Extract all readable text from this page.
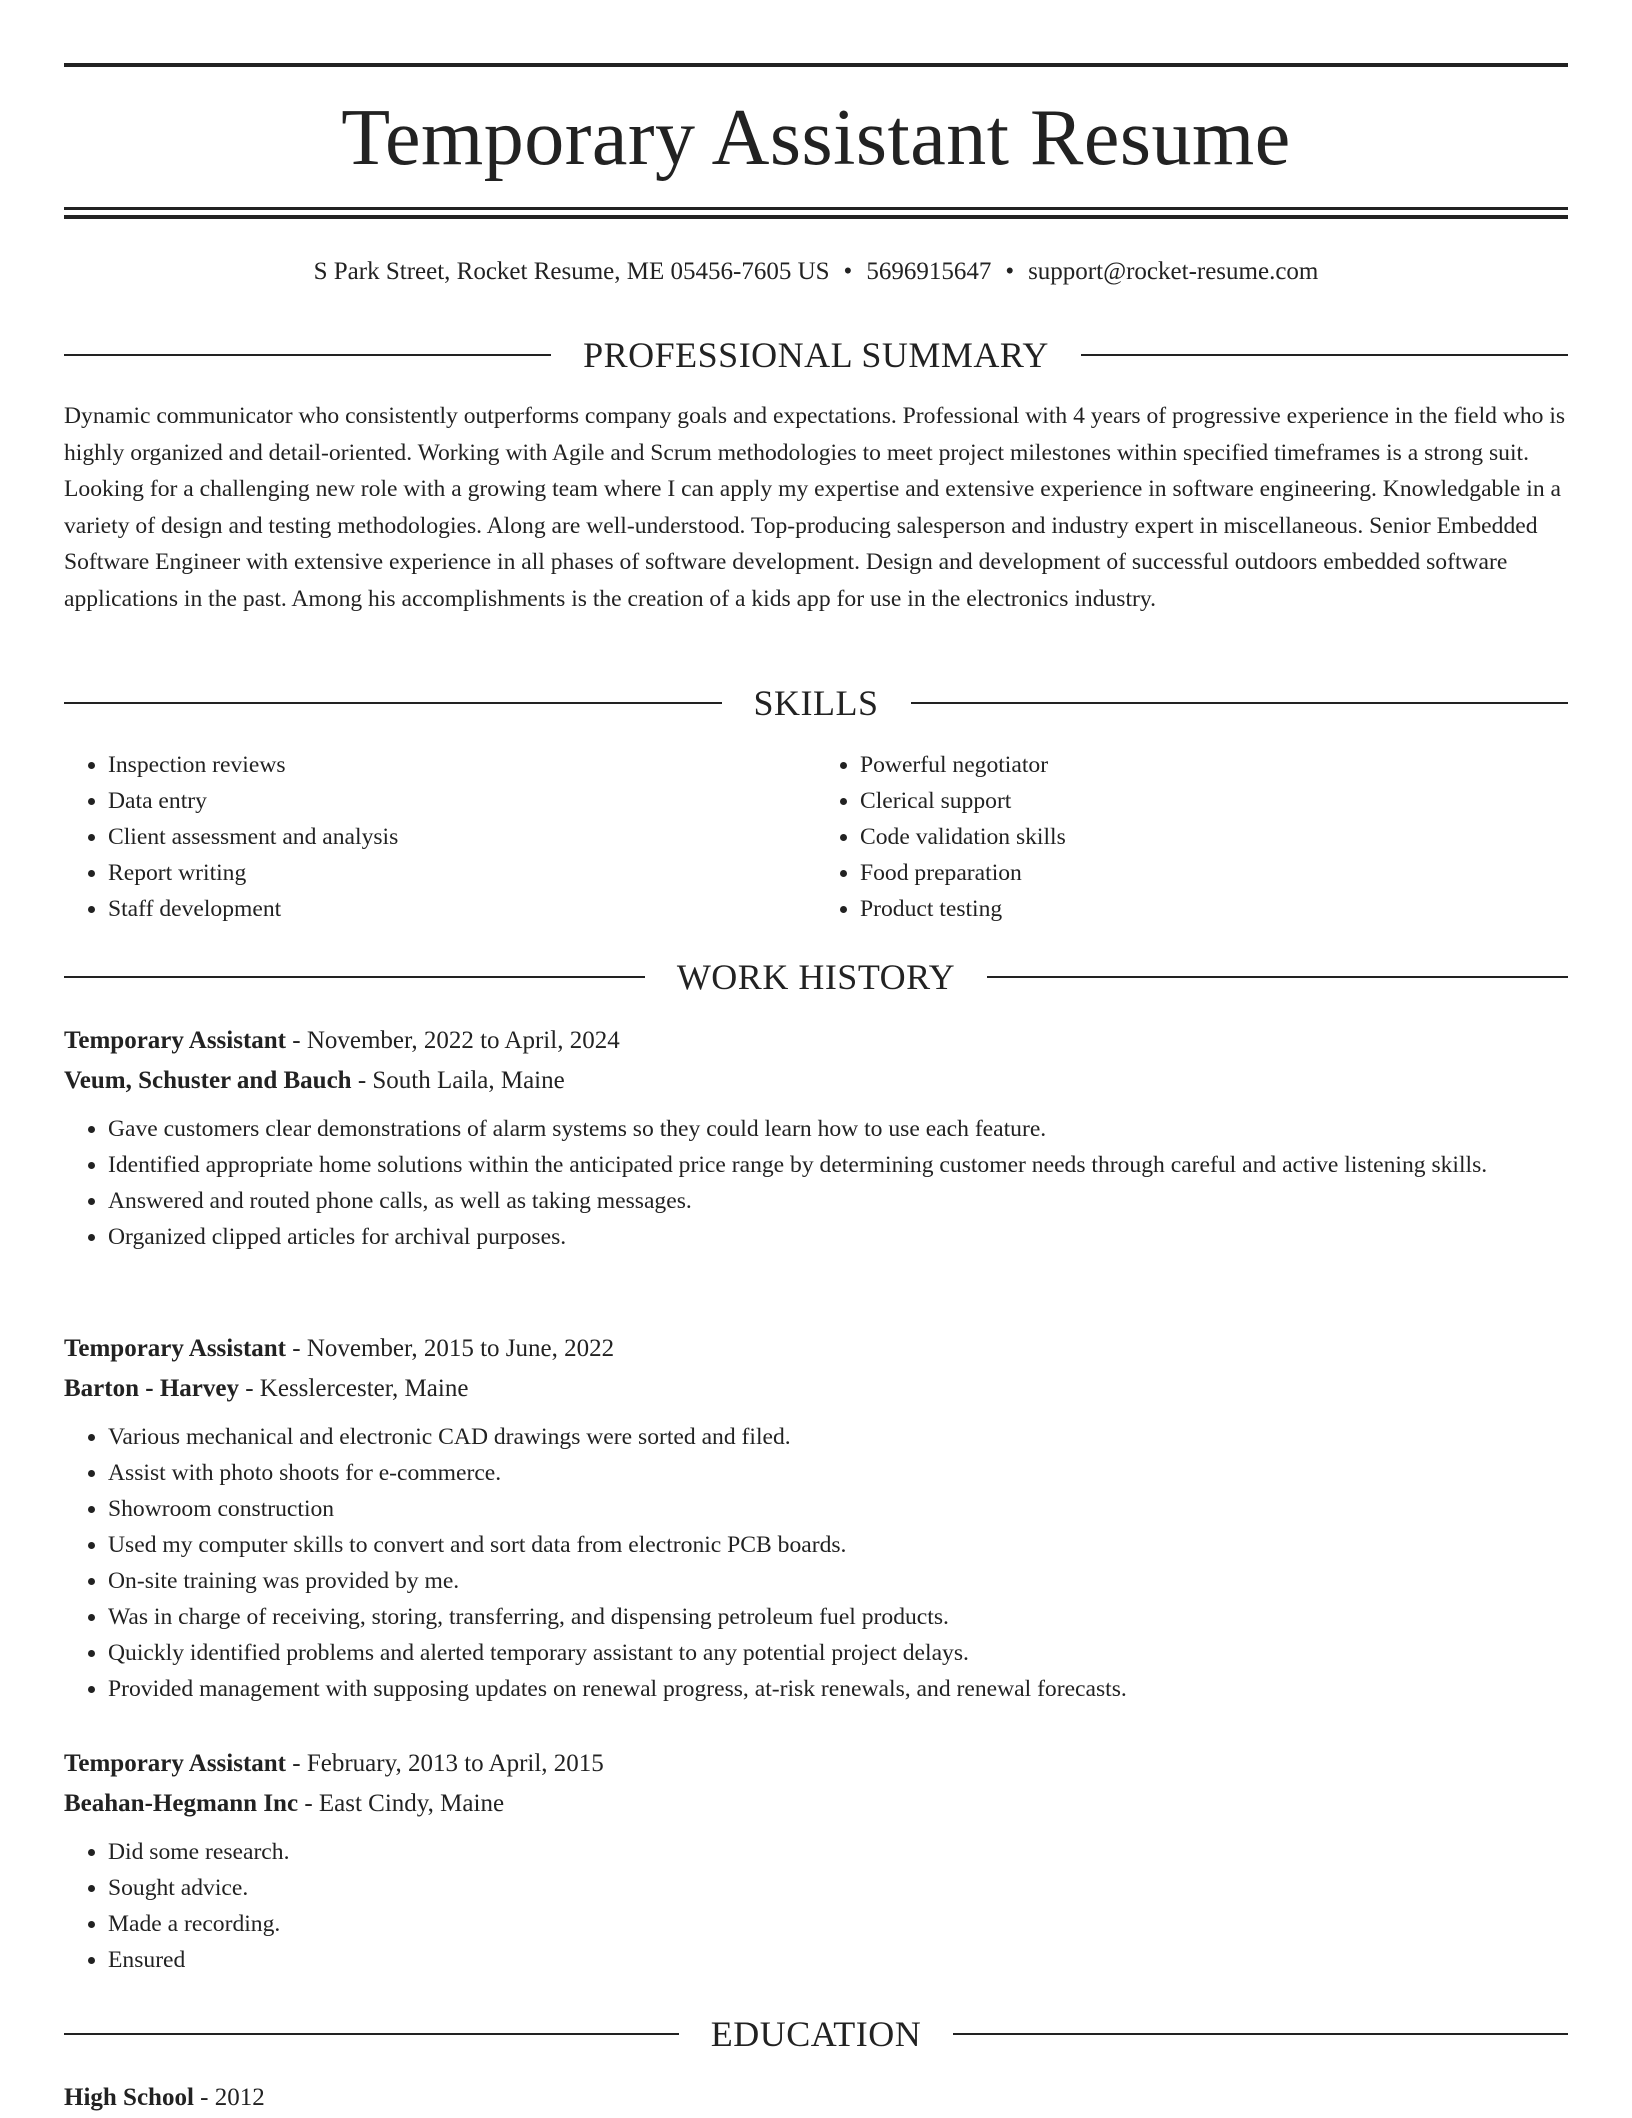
Temporary Assistant Resume
S Park Street, Rocket Resume, ME 05456-7605 US • 5696915647 • support@rocket-resume.com
PROFESSIONAL SUMMARY

Dynamic communicator who consistently outperforms company goals and expectations. Professional with 4 years of progressive experience in the field who is highly organized and detail-oriented. Working with Agile and Scrum methodologies to meet project milestones within specified timeframes is a strong suit. Looking for a challenging new role with a growing team where I can apply my expertise and extensive experience in software engineering. Knowledgable in a variety of design and testing methodologies. Along are well-understood. Top-producing salesperson and industry expert in miscellaneous. Senior Embedded Software Engineer with extensive experience in all phases of software development. Design and development of successful outdoors embedded software applications in the past. Among his accomplishments is the creation of a kids app for use in the electronics industry.

SKILLS
• Inspection reviews
• Data entry
• Client assessment and analysis
• Report writing
• Staff development
• Powerful negotiator
• Clerical support
• Code validation skills
• Food preparation
• Product testing
WORK HISTORY
Temporary Assistant - November, 2022 to April, 2024
Veum, Schuster and Bauch - South Laila, Maine
• Gave customers clear demonstrations of alarm systems so they could learn how to use each feature.
• Identified appropriate home solutions within the anticipated price range by determining customer needs through careful and active listening skills.
• Answered and routed phone calls, as well as taking messages.
• Organized clipped articles for archival purposes.
Temporary Assistant - November, 2015 to June, 2022
Barton - Harvey - Kesslercester, Maine
• Various mechanical and electronic CAD drawings were sorted and filed.
• Assist with photo shoots for e-commerce.
• Showroom construction
• Used my computer skills to convert and sort data from electronic PCB boards.
• On-site training was provided by me.
• Was in charge of receiving, storing, transferring, and dispensing petroleum fuel products.
• Quickly identified problems and alerted temporary assistant to any potential project delays.
• Provided management with supposing updates on renewal progress, at-risk renewals, and renewal forecasts.
Temporary Assistant - February, 2013 to April, 2015
Beahan-Hegmann Inc - East Cindy, Maine
• Did some research.
• Sought advice.
• Made a recording.
• Ensured
EDUCATION
High School - 2012
